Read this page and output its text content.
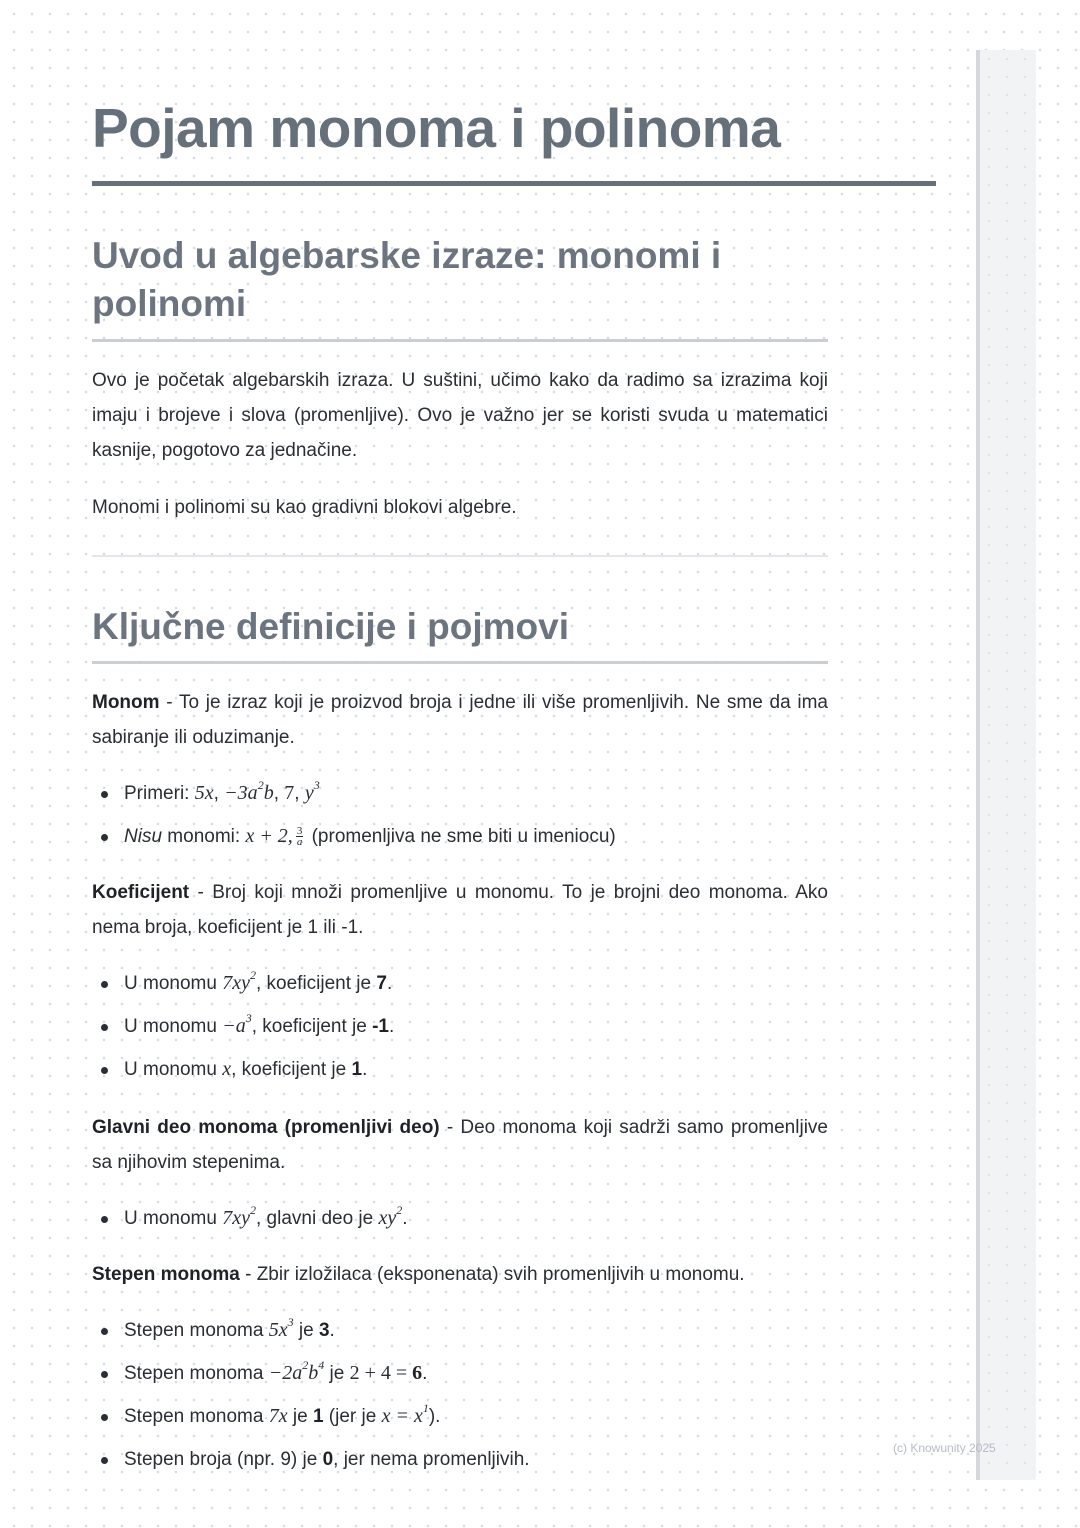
(c) Knowunity 2025
Pojam monoma i polinoma
Uvod u algebarske izraze: monomi i polinomi

Ovo je početak algebarskih izraza. U suštini, učimo kako da radimo sa izrazima koji imaju i brojeve i slova (promenljive). Ovo je važno jer se koristi svuda u matematici kasnije, pogotovo za jednačine.

Monomi i polinomi su kao gradivni blokovi algebre.

Ključne definicije i pojmovi

Monom - To je izraz koji je proizvod broja i jedne ili više promenljivih. Ne sme da ima sabiranje ili oduzimanje.

Primeri: 5x, $-3a^2b$, 7, $y^3$
Nisu monomi: x + 2, $\frac{3}{a}$ (promenljiva ne sme biti u imeniocu)

Koeficijent - Broj koji množi promenljive u monomu. To je brojni deo monoma. Ako nema broja, koeficijent je 1 ili -1.

U monomu $7xy^2$, koeficijent je 7.
U monomu $-a^3$, koeficijent je -1.
U monomu x, koeficijent je 1.

Glavni deo monoma (promenljivi deo) - Deo monoma koji sadrži samo promenljive sa njihovim stepenima.

U monomu $7xy^2$, glavni deo je $xy^2$.

Stepen monoma - Zbir izložilaca (eksponenata) svih promenljivih u monomu.

Stepen monoma $5x^3$ je 3.
Stepen monoma $-2a^2b^4$ je 2 + 4 = 6.
Stepen monoma 7x je 1 (jer je $x = x^1$).
Stepen broja (npr. 9) je 0, jer nema promenljivih.
